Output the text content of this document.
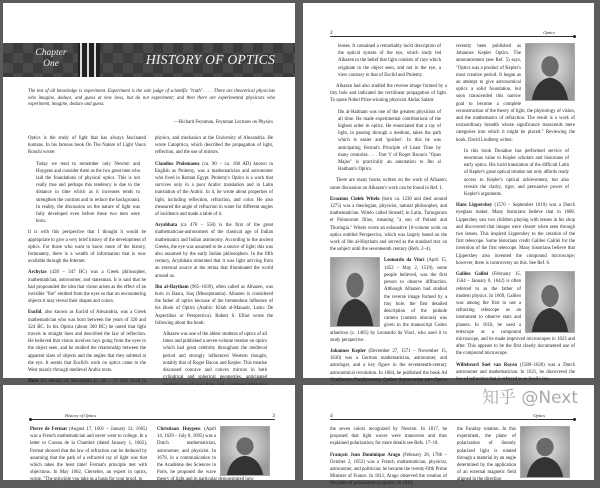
Chapter
One	HISTORY OF OPTICS
The test of all knowledge is experiment. Experiment is the sole judge of scientific "truth". . . . There are theoretical physicists who imagine, deduce, and guess at new laws, but do not experiment; and then there are experimental physicists who experiment, imagine, deduce and guess.
—Richard Feynman, Feynman Lectures on Physics

Optics is the study of light that has always fascinated humans. In his famous book On The Nature of Light Vasco Ronchi wrote:

Today we tend to remember only Newton and Huygens and consider them as the two great men who laid the foundations of physical optics. This is not really true and perhaps this tendency is due to the distance in time which as it increases tends to strengthen the contrast and to reduce the background. In reality, the discussion on the nature of light was fully developed even before these two men were born.

It is with this perspective that I thought it would be appropriate to give a very brief history of the development of optics. For those who want to know more of the history, fortunately, there is a wealth of information that is now available through the Internet.

Archytas (428 – 347 BC) was a Greek philosopher, mathematician, astronomer, and statesman. It is said that he had propounded the idea that vision arises as the effect of an invisible "fire" emitted from the eyes so that on encountering objects it may reveal their shapes and colors.

Euclid, also known as Euclid of Alexandria, was a Greek mathematician who was born between the years of 320 and 324 BC. In his Optica (about 300 BC) he noted that light travels in straight lines and described the law of reflection. He believed that vision involves rays going from the eyes to the object seen, and he studied the relationship between the apparent sizes of objects and the angles that they subtend at the eye. It seems that Euclid's work on optics came to the West mainly through medieval Arabic texts.

Hero (or Heron) of Alexandria (c. 10 – 70 AD) lived in

physics, and mechanics at the University of Alexandria. He wrote Catoptrica, which described the propagation of light, reflection, and the use of mirrors.

Claudius Ptolemaeus (ca. 90 – ca. 168 AD) known in English as Ptolemy, was a mathematician and astronomer who lived in Roman Egypt. Ptolemy's Optics is a work that survives only in a poor Arabic translation and in Latin translation of the Arabic. In it, he wrote about properties of light, including reflection, refraction, and color. He also measured the angle of refraction in water for different angles of incidence and made a table of it.

Aryabhata (ca 476 – 550) is the first of the great mathematician-astronomers of the classical age of Indian mathematics and Indian astronomy. According to the ancient Greeks, the eye was assumed to be a source of light; this was also assumed by the early Indian philosophers. In the fifth century, Aryabhata reiterated that it was light arriving from an external source at the retina that illuminated the world around us.

Ibn al-Haytham (965–1039), often called as Alhazen, was born in Basra, Iraq (Mesopotamia). Alhazen is considered the father of optics because of the tremendous influence of his Book of Optics (Arabic: Kitab al-Manazir, Latin: De Aspectibus or Perspectiva). Robert S. Elliot wrote the following about the book:

Alhazen was one of the ablest students of optics of all times and published a seven-volume treatise on optics which had great celebrity throughout the medieval period and strongly influenced Western thought, notably that of Roger Bacon and Kepler. This treatise discussed concave and convex mirrors in both cylindrical and spherical geometries, anticipated

2	Optics

lenses. It contained a remarkably lucid description of the optical system of the eye, which study led Alhazen to the belief that light consists of rays which originate in the object seen, and not in the eye, a view contrary to that of Euclid and Ptolemy.

Alhazen had also studied the reverse image formed by a tiny hole and indicated the rectilinear propagation of light. To quote Nobel Prize-winning physicist Abdus Salam:

Ibn al-Haitham was one of the greatest physicists of all time. He made experimental contributions of the highest order in optics. He enunciated that a ray of light, in passing through a medium, takes the path which is easier and 'quicker'. In this he was anticipating Fermat's Principle of Least Time by many centuries. . . . Part V of Roger Bacon's "Opus Majus" is practically an annotation to Ibn al Haitham's Optics.

There are many books written on the work of Alhazen; some discussion on Alhazen's work can be found in Ref. 1.

Erazmus Ciołek Witelo (born ca. 1230 and died around 1275) was a theologian, physicist, natural philosopher, and mathematician. Witelo called himself, in Latin, Turingorum et Polonorum filius, meaning "a son of Poland and Thuringia." Witelo wrote an exhaustive 10-volume work on optics entitled Perspectiva, which was largely based on the work of Ibn al-Haytham and served as the standard text on the subject until the seventeenth century (Refs. 2–4).

Leonardo da Vinci (April 15, 1452 – May 2, 1519), some people believed, was the first person to observe diffraction. Although Alhazen had studied the reverse image formed by a tiny hole, the first detailed description of the pinhole camera (camera obscura) was given in the manuscript Codex atlanticus (c. 1485) by Leonardo da Vinci, who used it to study perspective.

Johannes Kepler (December 27, 1571 – November 15, 1630) was a German mathematician, astronomer, and astrologer, and a key figure in the seventeenth-century astronomical revolution. In 1604, he published the book Ad Vitellionem Paralipomena, Quibus Astronomiae pars Optica

recently been published as Johannes Kepler Optics. The announcement (see Ref. 5) says, "Optics was a product of Kepler's most creative period. It began as an attempt to give astronomical optics a solid foundation, but soon transcended this narrow goal to become a complete reconstruction of the theory of light, the physiology of vision, and the mathematics of refraction. The result is a work of extraordinary breadth whose significance transcends mere categories into which it might be placed." Reviewing the book, David Lindberg writes:

In this book Donahue has performed service of enormous value to Kepler scholars and historians of early optics. His lucid translation of the difficult Latin of Kepler's great optical treatise not only affords ready access to Kepler's optical achievement, but also reveals the clarity, rigor, and persuasive power of Kepler's arguments.

Hans Lippershey (1570 – September 1619) was a Dutch eyeglass maker. Many historians believe that in 1608, Lippershey saw two children playing with lenses in his shop and discovered that images were clearer when seen through two lenses. This inspired Lippershey to the creation of the first telescope. Some historians credit Galileo Galilei for the invention of the first telescope. Many historians believe that Lippershey also invented the compound microscope; however, there is controversy on this. See Ref. 6.

Galileo Galilei (February 15, 1564 – January 8, 1642) is often referred to as the father of modern physics. In 1609, Galileo was among the first to use a refracting telescope as an instrument to observe stars and planets. In 1610, he used a telescope as a compound microscope, and he made improved microscopes in 1623 and after. This appears to be the first clearly documented use of the compound microscope.

Willebrord Snel van Royen (1580–1626) was a Dutch astronomer and mathematician. In 1621, he discovered the law of refraction that is referred to as Snell's law.

History of Optics	3

Pierre de Fermat (August 17, 1601 – January 12, 1665) was a French mathematician and never went to college. In a letter to Cureau de la Chambre (dated January 1, 1662), Fermat showed that the law of refraction can be deduced by assuming that the path of a refracted ray of light was that which takes the least time! Fermat's principle met with objections. In May 1662, Clerselier, an expert in optics, wrote, "The principle you take as a basis for your proof, to

Christiaan Huygens (April 14, 1629 – July 8, 1695) was a Dutch mathematician, astronomer, and physicist. In 1678, in a communication to the Académie des Sciences in Paris, he proposed the wave theory of light and in particular demonstrated how

4	Optics

the seven colors recognized by Newton. In 1817, he proposed that light waves were transverse and thus explained polarization; for more details see Refs. 17–18.

François Jean Dominique Arago (February 26, 1786 – October 2, 1853) was a French mathematician, physicist, astronomer, and politician; he became the twenty-fifth Prime Minister of France. In 1811, Arago observed the rotation of the plane of polarization in quartz. In 1818,

the Faraday rotation. In this experiment, the plane of polarization of linearly polarized light is rotated through a material by an angle determined by the application of an external magnetic field aligned in the direction

知乎 @Next
